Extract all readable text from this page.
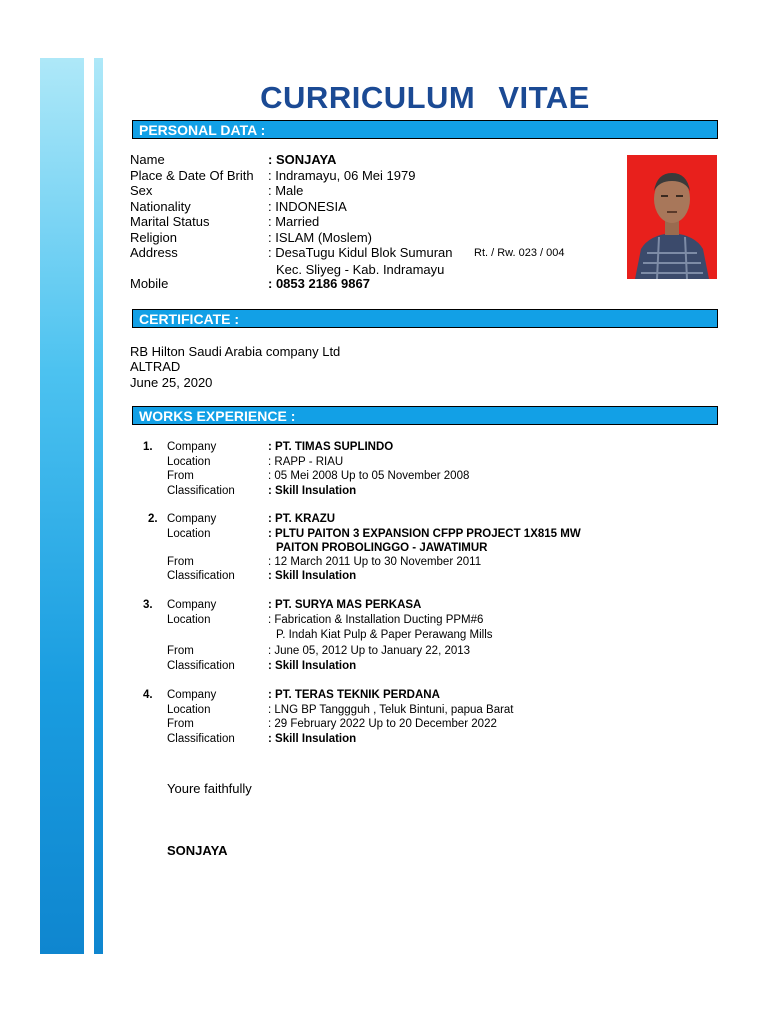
CURRICULUM VITAE
PERSONAL DATA :
Name	: SONJAYA
Place & Date Of Brith : Indramayu, 06 Mei 1979
Sex	: Male
Nationality	: INDONESIA
Marital Status	: Married
Religion	: ISLAM (Moslem)
Address	: DesaTugu Kidul Blok Sumuran Rt. / Rw. 023 / 004
Kec. Sliyeg - Kab. Indramayu
Mobile	: 0853 2186 9867
CERTIFICATE :
RB Hilton Saudi Arabia company Ltd
ALTRAD
June 25, 2020
WORKS EXPERIENCE :
1. Company	: PT. TIMAS SUPLINDO
Location	: RAPP - RIAU
From	: 05 Mei 2008 Up to 05 November 2008
Classification	: Skill Insulation
2. Company	: PT. KRAZU
Location	: PLTU PAITON 3 EXPANSION CFPP PROJECT 1X815 MW
PAITON PROBOLINGGO - JAWATIMUR
From	: 12 March 2011 Up to 30 November 2011
Classification	: Skill Insulation
3. Company	: PT. SURYA MAS PERKASA
Location	: Fabrication & Installation Ducting PPM#6
P. Indah Kiat Pulp & Paper Perawang Mills
From	: June 05, 2012 Up to January 22, 2013
Classification	: Skill Insulation
4. Company	: PT. TERAS TEKNIK PERDANA
Location	: LNG BP Tanggguh , Teluk Bintuni, papua Barat
From	: 29 February 2022 Up to 20 December 2022
Classification	: Skill Insulation
Youre faithfully
SONJAYA
